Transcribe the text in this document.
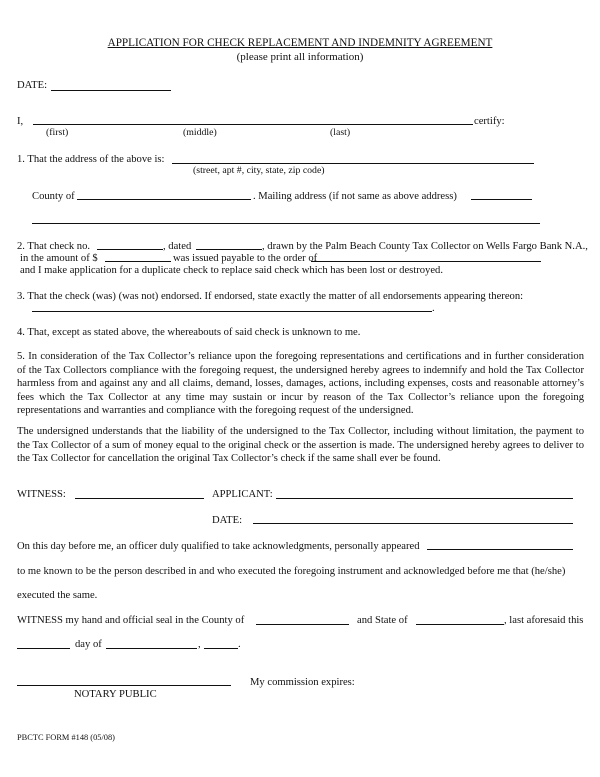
APPLICATION FOR CHECK REPLACEMENT AND INDEMNITY AGREEMENT
(please print all information)
DATE:
I,	certify:
(first)	(middle)	(last)
1. That the address of the above is:
(street, apt #, city, state, zip code)
County of	. Mailing address (if not same as above address)
2. That check no.	, dated	, drawn by the Palm Beach County Tax Collector on Wells Fargo Bank N.A.,
in the amount of $	was issued payable to the order of
and I make application for a duplicate check to replace said check which has been lost or destroyed.
3. That the check (was) (was not) endorsed. If endorsed, state exactly the matter of all endorsements appearing thereon:
.
4. That, except as stated above, the whereabouts of said check is unknown to me.
5. In consideration of the Tax Collector’s reliance upon the foregoing representations and certifications and in further consideration of the Tax Collectors compliance with the foregoing request, the undersigned hereby agrees to indemnify and hold the Tax Collector harmless from and against any and all claims, demand, losses, damages, actions, including expenses, costs and reasonable attorney’s fees which the Tax Collector at any time may sustain or incur by reason of the Tax Collector’s reliance upon the foregoing representations and warranties and compliance with the foregoing request of the undersigned.
The undersigned understands that the liability of the undersigned to the Tax Collector, including without limitation, the payment to the Tax Collector of a sum of money equal to the original check or the assertion is made. The undersigned hereby agrees to deliver to the Tax Collector for cancellation the original Tax Collector’s check if the same shall ever be found.
WITNESS:	APPLICANT:
DATE:
On this day before me, an officer duly qualified to take acknowledgments, personally appeared
to me known to be the person described in and who executed the foregoing instrument and acknowledged before me that (he/she)
executed the same.
WITNESS my hand and official seal in the County of	and State of	, last aforesaid this
day of	,	.
My commission expires:
NOTARY PUBLIC
PBCTC FORM #148 (05/08)
